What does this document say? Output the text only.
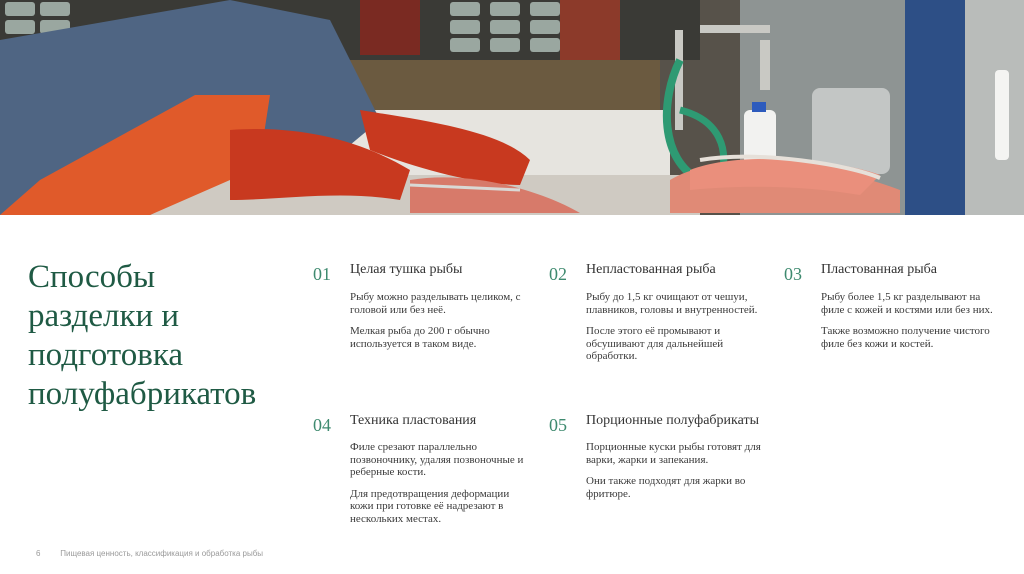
Способы разделки и подготовка полуфабрикатов
01 Целая тушка рыбы

Рыбу можно разделывать целиком, с головой или без неё.

Мелкая рыба до 200 г обычно используется в таком виде.

02 Непластованная рыба

Рыбу до 1,5 кг очищают от чешуи, плавников, головы и внутренностей.

После этого её промывают и обсушивают для дальнейшей обработки.

03 Пластованная рыба

Рыбу более 1,5 кг разделывают на филе с кожей и костями или без них.

Также возможно получение чистого филе без кожи и костей.

04 Техника пластования

Филе срезают параллельно позвоночнику, удаляя позвоночные и реберные кости.

Для предотвращения деформации кожи при готовке её надрезают в нескольких местах.

05 Порционные полуфабрикаты

Порционные куски рыбы готовят для варки, жарки и запекания.

Они также подходят для жарки во фритюре.

6 Пищевая ценность, классификация и обработка рыбы
